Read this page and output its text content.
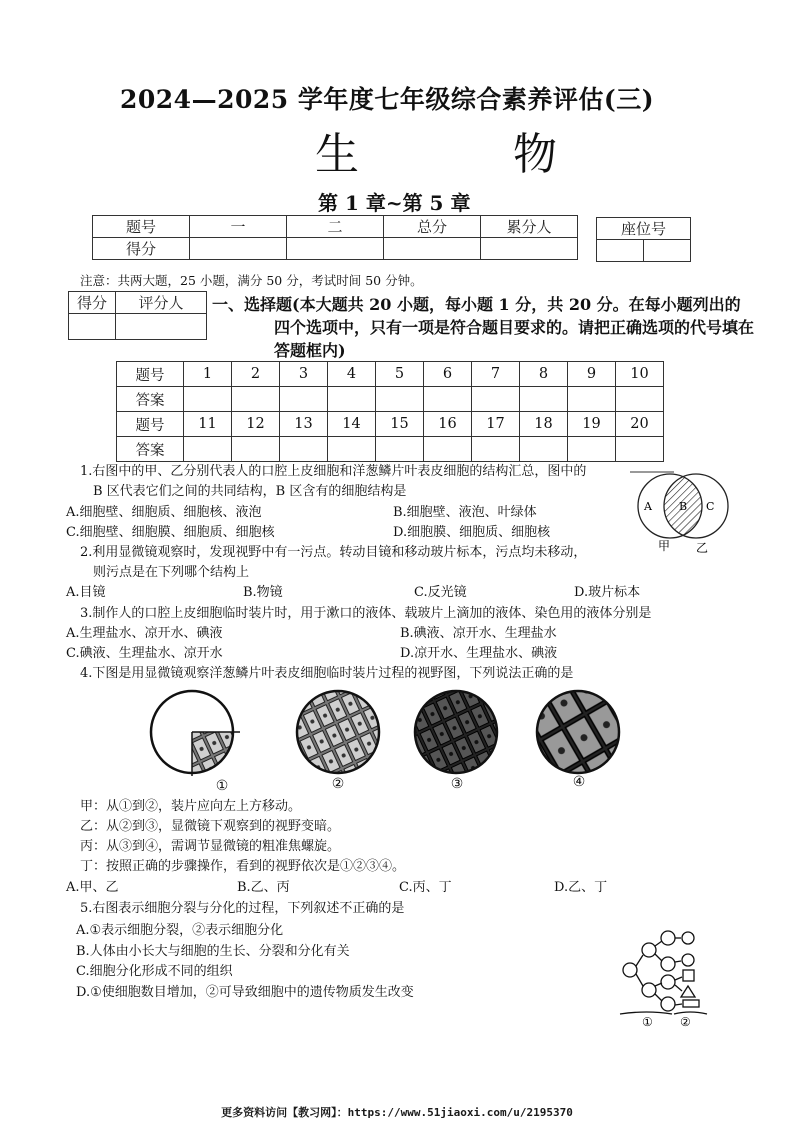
2024—2025 学年度七年级综合素养评估(三)
生 物
第 1 章~第 5 章
题号	一	二	总分	累分人
得分				
座位号

注意：共两大题，25 小题，满分 50 分，考试时间 50 分钟。
得分	评分人
	一、选择题(本大题共 20 小题，每小题 1 分，共 20 分。在每小题列出的
四个选项中，只有一项是符合题目要求的。请把正确选项的代号填在
答题框内)
题号	1	2	3	4	5	6	7	8	9	10
答案										
题号	11	12	13	14	15	16	17	18	19	20
答案										
1.右图中的甲、乙分别代表人的口腔上皮细胞和洋葱鳞片叶表皮细胞的结构汇总，图中的
B 区代表它们之间的共同结构，B 区含有的细胞结构是
A.细胞壁、细胞质、细胞核、液泡	B.细胞壁、液泡、叶绿体
C.细胞壁、细胞膜、细胞质、细胞核	D.细胞膜、细胞质、细胞核
A B C
甲 乙
2.利用显微镜观察时，发现视野中有一污点。转动目镜和移动玻片标本，污点均未移动，
则污点是在下列哪个结构上
A.目镜	B.物镜	C.反光镜	D.玻片标本
3.制作人的口腔上皮细胞临时装片时，用于漱口的液体、载玻片上滴加的液体、染色用的液体分别是
A.生理盐水、凉开水、碘液	B.碘液、凉开水、生理盐水
C.碘液、生理盐水、凉开水	D.凉开水、生理盐水、碘液
4.下图是用显微镜观察洋葱鳞片叶表皮细胞临时装片过程的视野图，下列说法正确的是
①	②	③	④
甲：从①到②，装片应向左上方移动。
乙：从②到③，显微镜下观察到的视野变暗。
丙：从③到④，需调节显微镜的粗准焦螺旋。
丁：按照正确的步骤操作，看到的视野依次是①②③④。
A.甲、乙	B.乙、丙	C.丙、丁	D.乙、丁
5.右图表示细胞分裂与分化的过程，下列叙述不正确的是
A.①表示细胞分裂，②表示细胞分化
B.人体由小长大与细胞的生长、分裂和分化有关
C.细胞分化形成不同的组织
D.①使细胞数目增加，②可导致细胞中的遗传物质发生改变
① ②
更多资料访问【教习网】：https://www.51jiaoxi.com/u/2195370
